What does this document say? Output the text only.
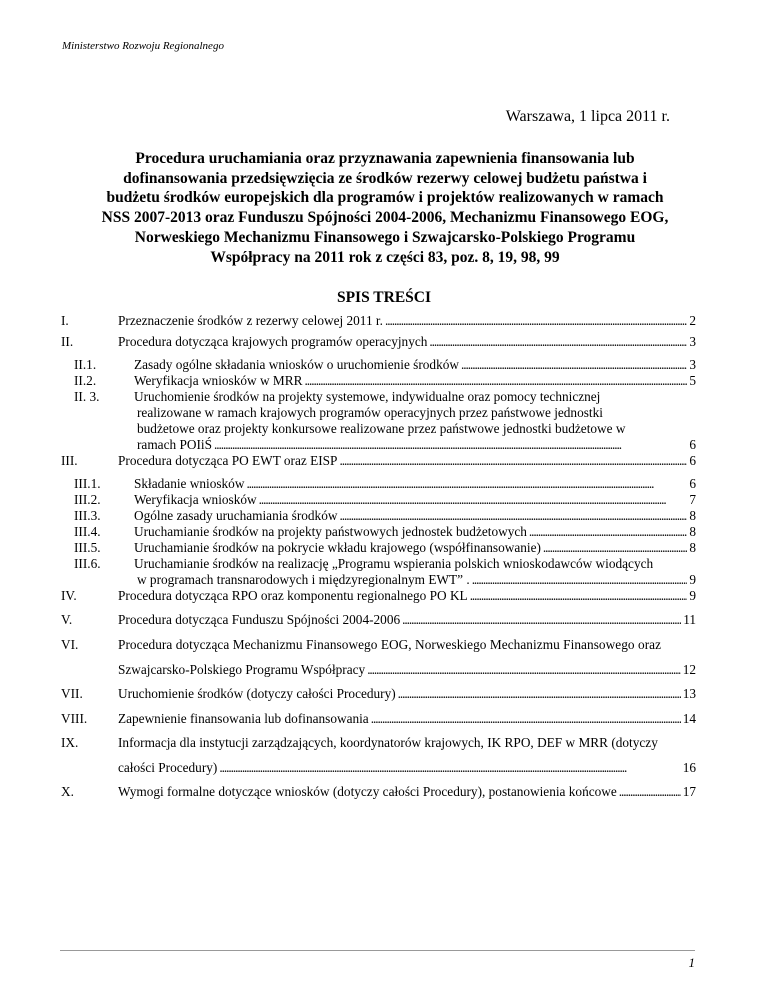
Ministerstwo Rozwoju Regionalnego
Warszawa, 1 lipca 2011 r.
Procedura uruchamiania oraz przyznawania zapewnienia finansowania lub
dofinansowania przedsięwzięcia ze środków rezerwy celowej budżetu państwa i
budżetu środków europejskich dla programów i projektów realizowanych w ramach
NSS 2007-2013 oraz Funduszu Spójności 2004-2006, Mechanizmu Finansowego EOG,
Norweskiego Mechanizmu Finansowego i Szwajcarsko-Polskiego Programu
Współpracy na 2011 rok z części 83, poz. 8, 19, 98, 99
SPIS TREŚCI
I.	Przeznaczenie środków z rezerwy celowej 2011 r. . . .	2
II.	Procedura dotycząca krajowych programów operacyjnych . . .	3
II.1.	Zasady ogólne składania wniosków o uruchomienie środków . . .	3
II.2.	Weryfikacja wniosków w MRR . . .	5
II. 3.	Uruchomienie środków na projekty systemowe, indywidualne oraz pomocy technicznej
realizowane w ramach krajowych programów operacyjnych przez państwowe jednostki
budżetowe oraz projekty konkursowe realizowane przez państwowe jednostki budżetowe w
ramach POIiŚ . . .	6
III.	Procedura dotycząca PO EWT oraz EISP . . .	6
III.1.	Składanie wniosków . . .	6
III.2.	Weryfikacja wniosków . . .	7
III.3.	Ogólne zasady uruchamiania środków . . .	8
III.4.	Uruchamianie środków na projekty państwowych jednostek budżetowych . . .	8
III.5.	Uruchamianie środków na pokrycie wkładu krajowego (współfinansowanie) . . .	8
III.6.	Uruchamianie środków na realizację „Programu wspierania polskich wnioskodawców wiodących
w programach transnarodowych i międzyregionalnym EWT” . . . .	9
IV.	Procedura dotycząca RPO oraz komponentu regionalnego PO KL . . .	9
V.	Procedura dotycząca Funduszu Spójności 2004-2006 . . .	11
VI.	Procedura dotycząca Mechanizmu Finansowego EOG, Norweskiego Mechanizmu Finansowego oraz
Szwajcarsko-Polskiego Programu Współpracy . . .	12
VII.	Uruchomienie środków (dotyczy całości Procedury) . . .	13
VIII. Zapewnienie finansowania lub dofinansowania . . .	14
IX.	Informacja dla instytucji zarządzających, koordynatorów krajowych, IK RPO, DEF w MRR (dotyczy
całości Procedury) . . .	16
X.	Wymogi formalne dotyczące wniosków (dotyczy całości Procedury), postanowienia końcowe . . .	17
1
